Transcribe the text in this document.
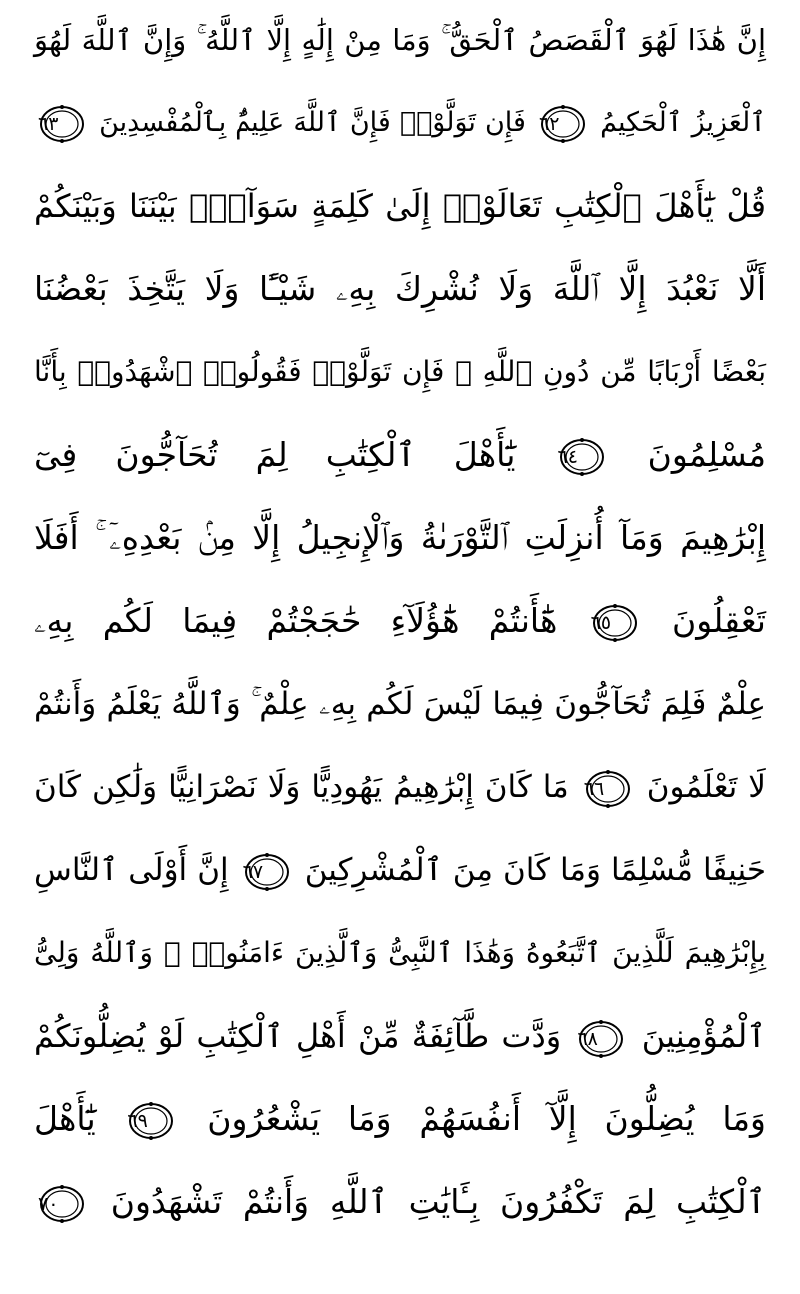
إِنَّ هَٰذَا لَهُوَ ٱلْقَصَصُ ٱلْحَقُّ ۚ وَمَا مِنْ إِلَٰهٍ إِلَّا ٱللَّهُ ۚ وَإِنَّ ٱللَّهَ لَهُوَ
ٱلْعَزِيزُ ٱلْحَكِيمُ
٦٢
فَإِن تَوَلَّوْا۟ فَإِنَّ ٱللَّهَ عَلِيمٌۢ بِٱلْمُفْسِدِينَ
٦٣
قُلْ يَٰٓأَهْلَ ٱلْكِتَٰبِ تَعَالَوْا۟ إِلَىٰ كَلِمَةٍ سَوَآءٍۭ بَيْنَنَا وَبَيْنَكُمْ
أَلَّا نَعْبُدَ إِلَّا ٱللَّهَ وَلَا نُشْرِكَ بِهِۦ شَيْـًٔا وَلَا يَتَّخِذَ بَعْضُنَا
بَعْضًا أَرْبَابًا مِّن دُونِ ٱللَّهِ ۚ فَإِن تَوَلَّوْا۟ فَقُولُوا۟ ٱشْهَدُوا۟ بِأَنَّا
مُسْلِمُونَ
٦٤
يَٰٓأَهْلَ ٱلْكِتَٰبِ لِمَ تُحَآجُّونَ فِىٓ
إِبْرَٰهِيمَ وَمَآ أُنزِلَتِ ٱلتَّوْرَىٰةُ وَٱلْإِنجِيلُ إِلَّا مِنۢ بَعْدِهِۦٓ ۚ أَفَلَا
تَعْقِلُونَ
٦٥
هَٰٓأَنتُمْ هَٰٓؤُلَآءِ حَٰجَجْتُمْ فِيمَا لَكُم بِهِۦ
عِلْمٌ فَلِمَ تُحَآجُّونَ فِيمَا لَيْسَ لَكُم بِهِۦ عِلْمٌ ۚ وَٱللَّهُ يَعْلَمُ وَأَنتُمْ
لَا تَعْلَمُونَ
٦٦
مَا كَانَ إِبْرَٰهِيمُ يَهُودِيًّا وَلَا نَصْرَانِيًّا وَلَٰكِن كَانَ
حَنِيفًا مُّسْلِمًا وَمَا كَانَ مِنَ ٱلْمُشْرِكِينَ
٦٧
إِنَّ أَوْلَى ٱلنَّاسِ
بِإِبْرَٰهِيمَ لَلَّذِينَ ٱتَّبَعُوهُ وَهَٰذَا ٱلنَّبِىُّ وَٱلَّذِينَ ءَامَنُوا۟ ۗ وَٱللَّهُ وَلِىُّ
ٱلْمُؤْمِنِينَ
٦٨
وَدَّت طَّآئِفَةٌ مِّنْ أَهْلِ ٱلْكِتَٰبِ لَوْ يُضِلُّونَكُمْ
وَمَا يُضِلُّونَ إِلَّآ أَنفُسَهُمْ وَمَا يَشْعُرُونَ
٦٩
يَٰٓأَهْلَ
ٱلْكِتَٰبِ لِمَ تَكْفُرُونَ بِـَٔايَٰتِ ٱللَّهِ وَأَنتُمْ تَشْهَدُونَ
٧٠
